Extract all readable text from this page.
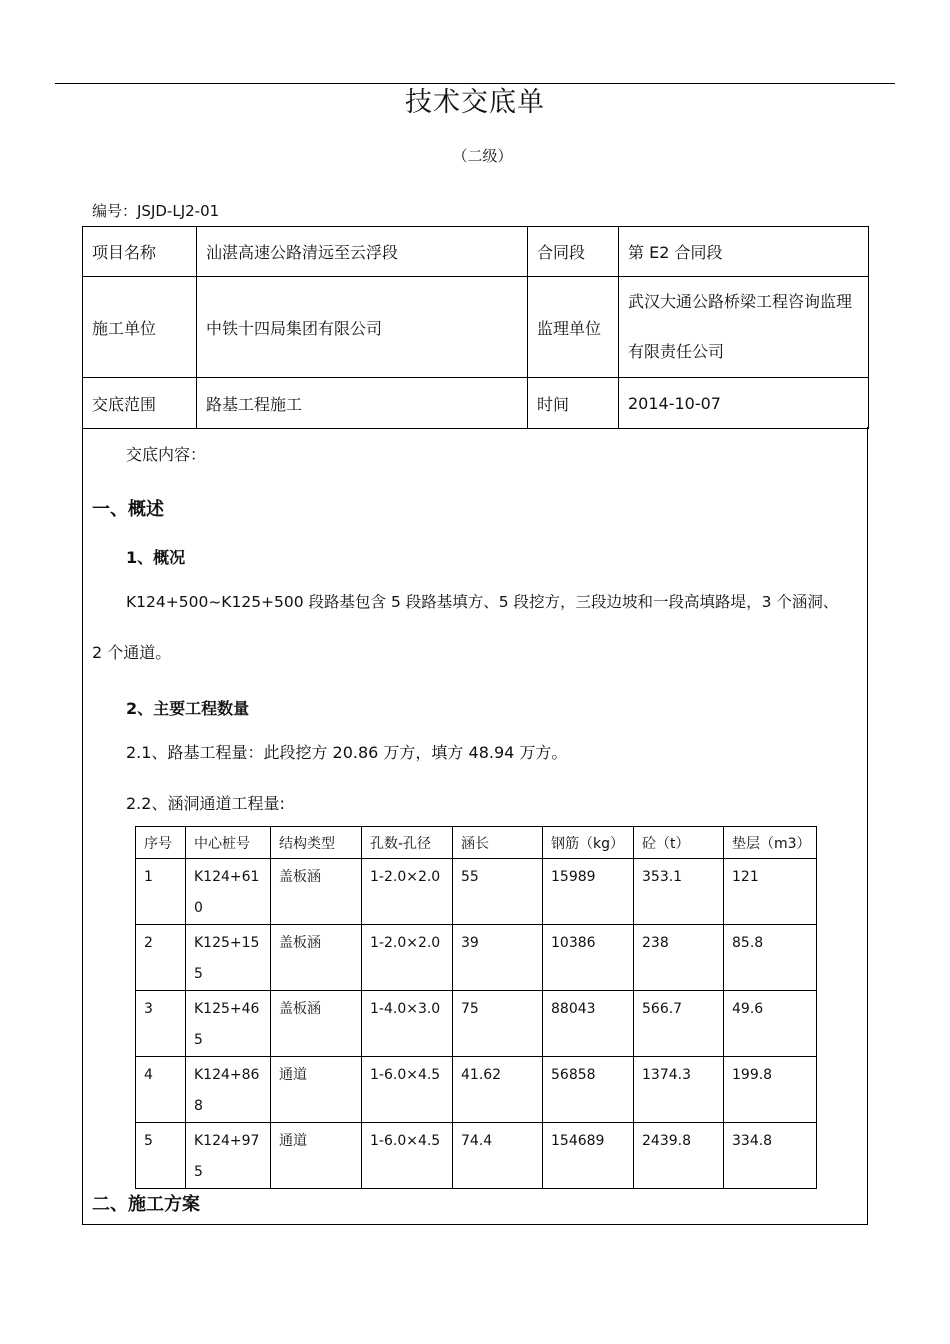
技术交底单
（二级）
编号：JSJD-LJ2-01
项目名称	汕湛高速公路清远至云浮段	合同段	第 E2 合同段
施工单位	中铁十四局集团有限公司	监理单位	武汉大通公路桥梁工程咨询监理有限责任公司
交底范围	路基工程施工	时间	2014-10-07
交底内容：
一、概述
1、概况
K124+500~K125+500 段路基包含 5 段路基填方、5 段挖方，三段边坡和一段高填路堤，3 个涵洞、
2 个通道。
2、主要工程数量
2.1、路基工程量：此段挖方 20.86 万方，填方 48.94 万方。
2.2、涵洞通道工程量:
序号	中心桩号	结构类型	孔数-孔径	涵长	钢筋（kg）	砼（t）	垫层（m3）
1	K124+610	盖板涵	1-2.0×2.0	55	15989	353.1	121
2	K125+155	盖板涵	1-2.0×2.0	39	10386	238	85.8
3	K125+465	盖板涵	1-4.0×3.0	75	88043	566.7	49.6
4	K124+868	通道	1-6.0×4.5	41.62	56858	1374.3	199.8
5	K124+975	通道	1-6.0×4.5	74.4	154689	2439.8	334.8
二、施工方案
